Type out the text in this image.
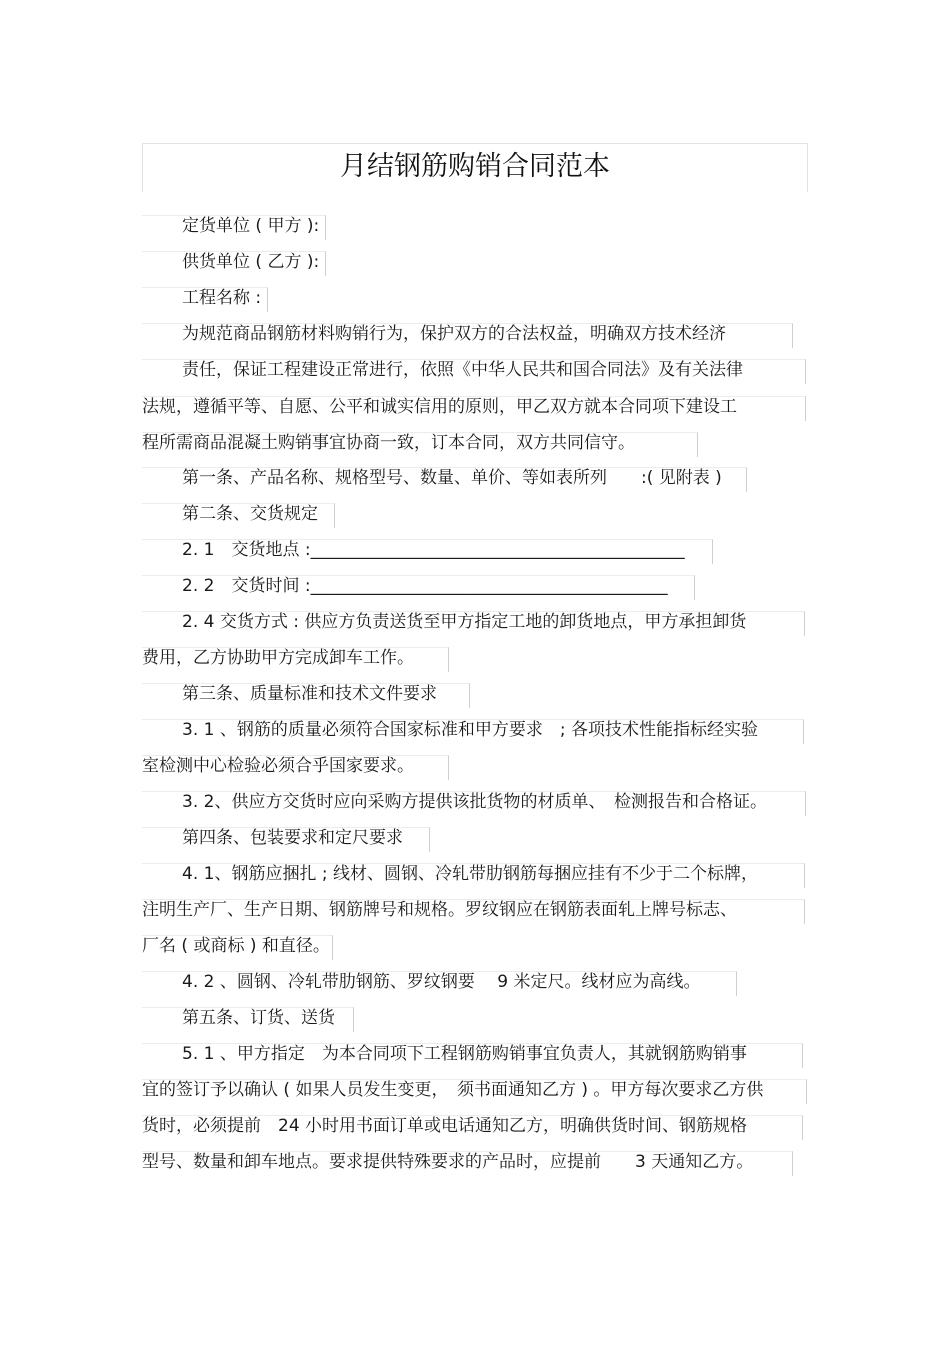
月结钢筋购销合同范本
定货单位 ( 甲方 ):
供货单位 ( 乙方 ):
工程名称 :
为规范商品钢筋材料购销行为，保护双方的合法权益，明确双方技术经济
责任，保证工程建设正常进行，依照《中华人民共和国合同法》及有关法律
法规，遵循平等、自愿、公平和诚实信用的原则，甲乙双方就本合同项下建设工
程所需商品混凝土购销事宜协商一致，订本合同，双方共同信守。
第一条、产品名称、规格型号、数量、单价、等如表所列　　:( 见附表 )
第二条、交货规定
2. 1　交货地点 :____________________________________________
2. 2　交货时间 :__________________________________________
2. 4 交货方式 : 供应方负责送货至甲方指定工地的卸货地点，甲方承担卸货
费用，乙方协助甲方完成卸车工作。
第三条、质量标准和技术文件要求
3. 1 、钢筋的质量必须符合国家标准和甲方要求　; 各项技术性能指标经实验
室检测中心检验必须合乎国家要求。
3. 2、供应方交货时应向采购方提供该批货物的材质单、　检测报告和合格证。
第四条、包装要求和定尺要求
4. 1、钢筋应捆扎 ; 线材、圆钢、冷轧带肋钢筋每捆应挂有不少于二个标牌，
注明生产厂、生产日期、钢筋牌号和规格。罗纹钢应在钢筋表面轧上牌号标志、
厂名 ( 或商标 ) 和直径。
4. 2 、圆钢、冷轧带肋钢筋、罗纹钢要　 9 米定尺。线材应为高线。
第五条、订货、送货
5. 1 、甲方指定　为本合同项下工程钢筋购销事宜负责人，其就钢筋购销事
宜的签订予以确认 ( 如果人员发生变更，　须书面通知乙方 ) 。甲方每次要求乙方供
货时，必须提前　24 小时用书面订单或电话通知乙方，明确供货时间、钢筋规格
型号、数量和卸车地点。要求提供特殊要求的产品时，应提前　　3 天通知乙方。
